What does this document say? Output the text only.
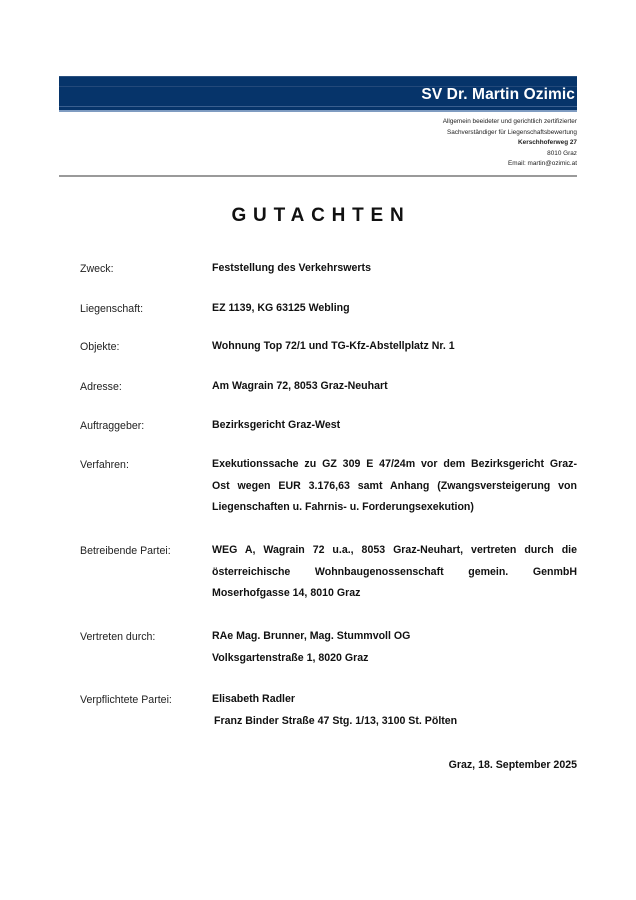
SV Dr. Martin Ozimic
Allgemein beeideter und gerichtlich zertifizierter
Sachverständiger für Liegenschaftsbewertung
Kerschhoferweg 27
8010 Graz
Email: martin@ozimic.at
GUTACHTEN
Zweck:	Feststellung des Verkehrswerts
Liegenschaft:	EZ 1139, KG 63125 Webling
Objekte:	Wohnung Top 72/1 und TG-Kfz-Abstellplatz Nr. 1
Adresse:	Am Wagrain 72, 8053 Graz-Neuhart
Auftraggeber:	Bezirksgericht Graz-West
Verfahren:	Exekutionssache zu GZ 309 E 47/24m vor dem Bezirksgericht Graz-
Ost wegen EUR 3.176,63 samt Anhang (Zwangsversteigerung von
Liegenschaften u. Fahrnis- u. Forderungsexekution)
Betreibende Partei:	WEG A, Wagrain 72 u.a., 8053 Graz-Neuhart, vertreten durch die
österreichische Wohnbaugenossenschaft gemein. GenmbH
Moserhofgasse 14, 8010 Graz
Vertreten durch:	RAe Mag. Brunner, Mag. Stummvoll OG
Volksgartenstraße 1, 8020 Graz
Verpflichtete Partei:	Elisabeth Radler
Franz Binder Straße 47 Stg. 1/13, 3100 St. Pölten
Graz, 18. September 2025
